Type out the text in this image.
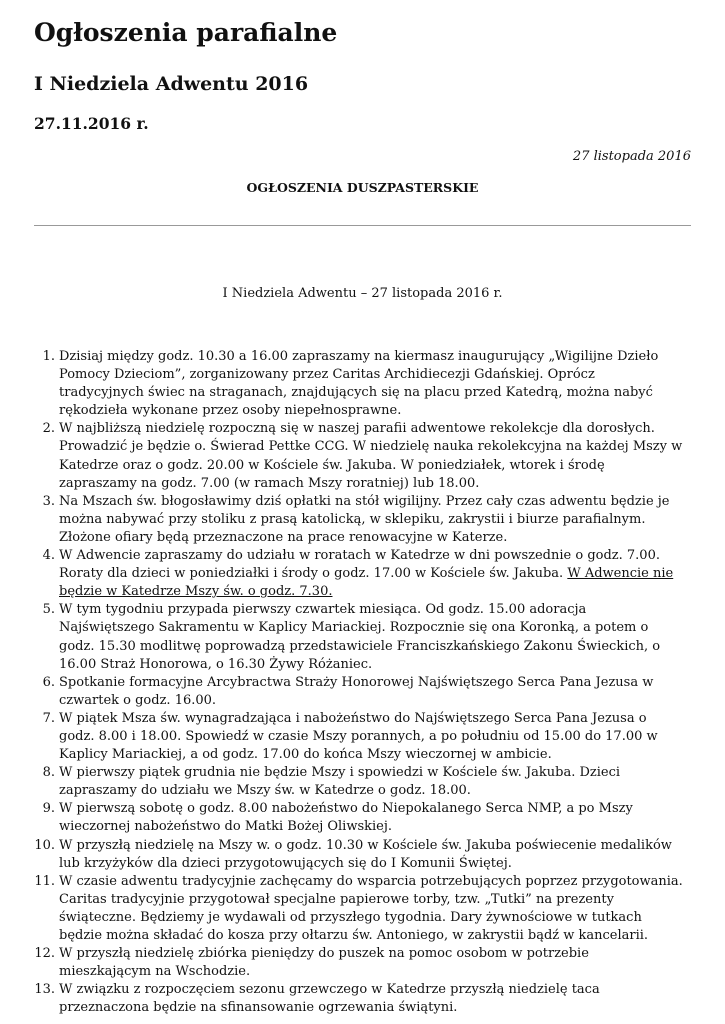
Ogłoszenia parafialne
I Niedziela Adwentu 2016
27.11.2016 r.
27 listopada 2016
OGŁOSZENIA DUSZPASTERSKIE
I Niedziela Adwentu – 27 listopada 2016 r.
1. Dzisiaj między godz. 10.30 a 16.00 zapraszamy na kiermasz inaugurujący „Wigilijne Dzieło Pomocy Dzieciom”, zorganizowany przez Caritas Archidiecezji Gdańskiej. Oprócz tradycyjnych świec na straganach, znajdujących się na placu przed Katedrą, można nabyć rękodzieła wykonane przez osoby niepełnosprawne.
2. W najbliższą niedzielę rozpoczną się w naszej parafii adwentowe rekolekcje dla dorosłych. Prowadzić je będzie o. Świerad Pettke CCG. W niedzielę nauka rekolekcyjna na każdej Mszy w Katedrze oraz o godz. 20.00 w Kościele św. Jakuba. W poniedziałek, wtorek i środę zapraszamy na godz. 7.00 (w ramach Mszy roratniej) lub 18.00.
3. Na Mszach św. błogosławimy dziś opłatki na stół wigilijny. Przez cały czas adwentu będzie je można nabywać przy stoliku z prasą katolicką, w sklepiku, zakrystii i biurze parafialnym. Złożone ofiary będą przeznaczone na prace renowacyjne w Katerze.
4. W Adwencie zapraszamy do udziału w roratach w Katedrze w dni powszednie o godz. 7.00. Roraty dla dzieci w poniedziałki i środy o godz. 17.00 w Kościele św. Jakuba. W Adwencie nie będzie w Katedrze Mszy św. o godz. 7.30.
5. W tym tygodniu przypada pierwszy czwartek miesiąca. Od godz. 15.00 adoracja Najświętszego Sakramentu w Kaplicy Mariackiej. Rozpocznie się ona Koronką, a potem o godz. 15.30 modlitwę poprowadzą przedstawiciele Franciszkańskiego Zakonu Świeckich, o 16.00 Straż Honorowa, o 16.30 Żywy Różaniec.
6. Spotkanie formacyjne Arcybractwa Straży Honorowej Najświętszego Serca Pana Jezusa w czwartek o godz. 16.00.
7. W piątek Msza św. wynagradzająca i nabożeństwo do Najświętszego Serca Pana Jezusa o godz. 8.00 i 18.00. Spowiedź w czasie Mszy porannych, a po południu od 15.00 do 17.00 w Kaplicy Mariackiej, a od godz. 17.00 do końca Mszy wieczornej w ambicie.
8. W pierwszy piątek grudnia nie będzie Mszy i spowiedzi w Kościele św. Jakuba. Dzieci zapraszamy do udziału we Mszy św. w Katedrze o godz. 18.00.
9. W pierwszą sobotę o godz. 8.00 nabożeństwo do Niepokalanego Serca NMP, a po Mszy wieczornej nabożeństwo do Matki Bożej Oliwskiej.
10. W przyszłą niedzielę na Mszy w. o godz. 10.30 w Kościele św. Jakuba poświecenie medalików lub krzyżyków dla dzieci przygotowujących się do I Komunii Świętej.
11. W czasie adwentu tradycyjnie zachęcamy do wsparcia potrzebujących poprzez przygotowania. Caritas tradycyjnie przygotował specjalne papierowe torby, tzw. „Tutki” na prezenty świąteczne. Będziemy je wydawali od przyszłego tygodnia. Dary żywnościowe w tutkach będzie można składać do kosza przy ołtarzu św. Antoniego, w zakrystii bądź w kancelarii.
12. W przyszłą niedzielę zbiórka pieniędzy do puszek na pomoc osobom w potrzebie mieszkającym na Wschodzie.
13. W związku z rozpoczęciem sezonu grzewczego w Katedrze przyszłą niedzielę taca przeznaczona będzie na sfinansowanie ogrzewania świątyni.
